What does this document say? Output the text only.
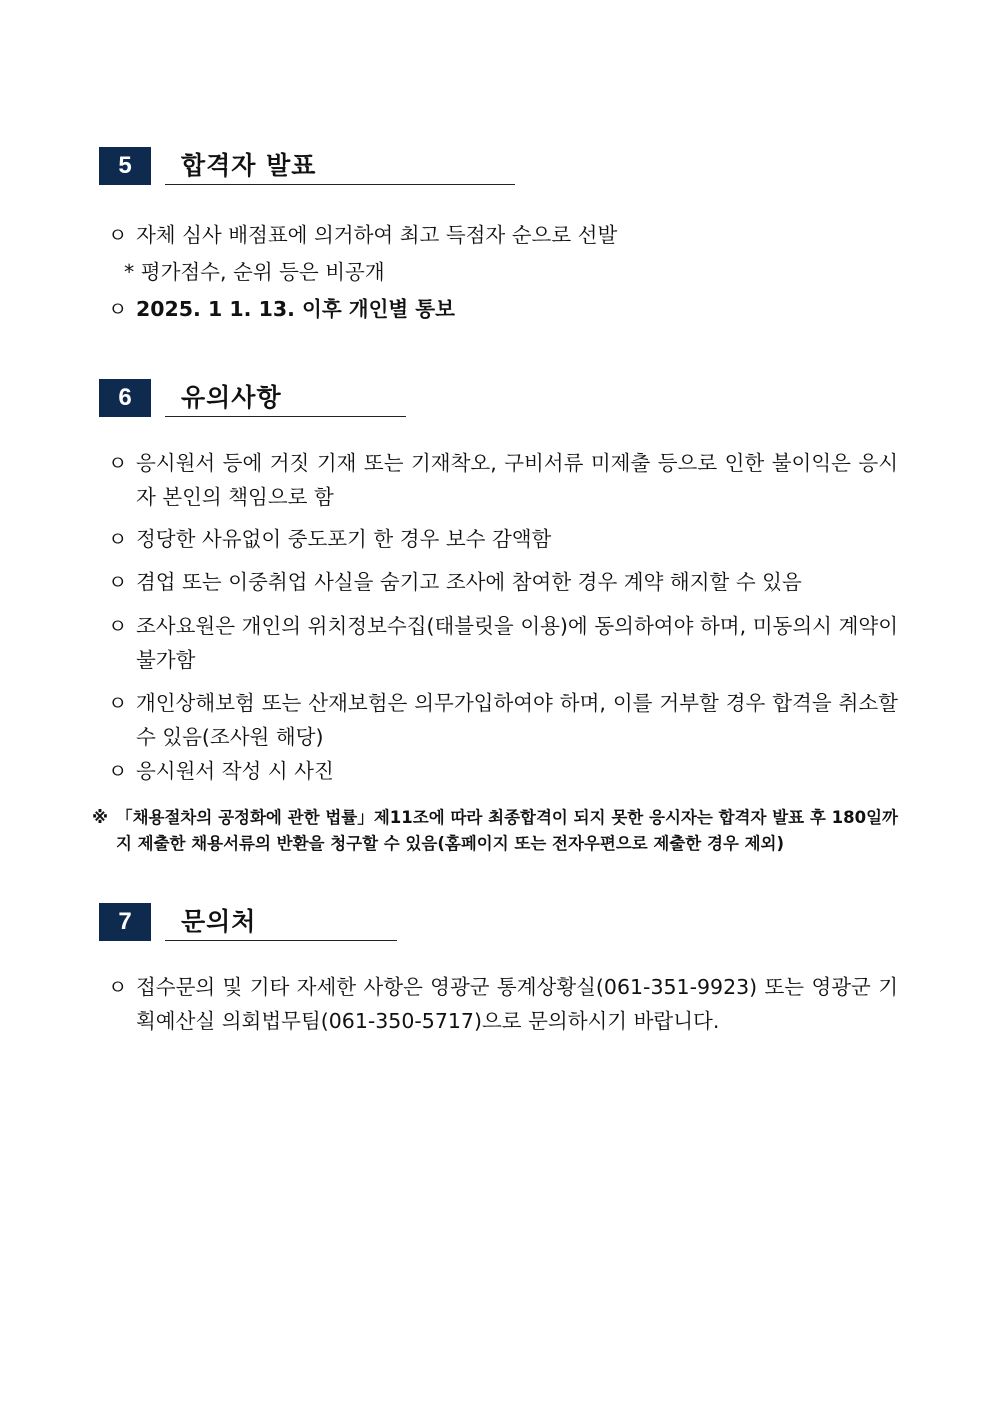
5	합격자 발표
ㅇ 자체 심사 배점표에 의거하여 최고 득점자 순으로 선발
* 평가점수, 순위 등은 비공개
ㅇ 2025. 1 1. 13. 이후 개인별 통보
6	유의사항
ㅇ 응시원서 등에 거짓 기재 또는 기재착오, 구비서류 미제출 등으로 인한 불이익은 응시자 본인의 책임으로 함
ㅇ 정당한 사유없이 중도포기 한 경우 보수 감액함
ㅇ 겸업 또는 이중취업 사실을 숨기고 조사에 참여한 경우 계약 해지할 수 있음
ㅇ 조사요원은 개인의 위치정보수집(태블릿을 이용)에 동의하여야 하며, 미동의시 계약이 불가함
ㅇ 개인상해보험 또는 산재보험은 의무가입하여야 하며, 이를 거부할 경우 합격을 취소할 수 있음(조사원 해당)
ㅇ 응시원서 작성 시 사진
※ 「채용절차의 공정화에 관한 법률」제11조에 따라 최종합격이 되지 못한 응시자는 합격자 발표 후 180일까지 제출한 채용서류의 반환을 청구할 수 있음(홈페이지 또는 전자우편으로 제출한 경우 제외)
7	문의처
ㅇ 접수문의 및 기타 자세한 사항은 영광군 통계상황실(061-351-9923) 또는 영광군 기획예산실 의회법무팀(061-350-5717)으로 문의하시기 바랍니다.
